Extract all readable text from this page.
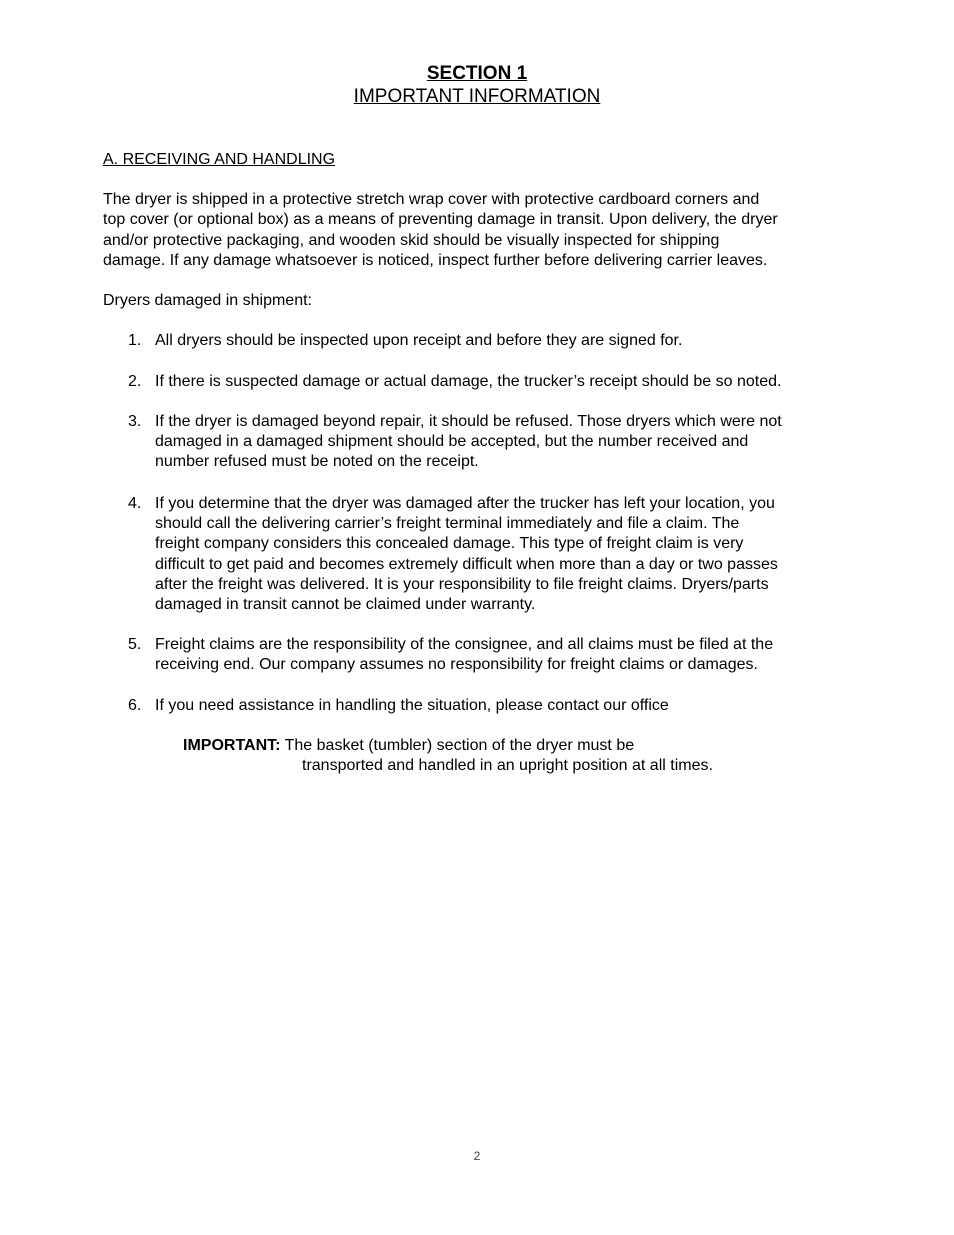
SECTION 1
IMPORTANT INFORMATION
A. RECEIVING AND HANDLING
The dryer is shipped in a protective stretch wrap cover with protective cardboard corners and
top cover (or optional box) as a means of preventing damage in transit. Upon delivery, the dryer
and/or protective packaging, and wooden skid should be visually inspected for shipping
damage. If any damage whatsoever is noticed, inspect further before delivering carrier leaves.
Dryers damaged in shipment:
1. All dryers should be inspected upon receipt and before they are signed for.
2. If there is suspected damage or actual damage, the trucker’s receipt should be so noted.
3. If the dryer is damaged beyond repair, it should be refused. Those dryers which were not
damaged in a damaged shipment should be accepted, but the number received and
number refused must be noted on the receipt.
4. If you determine that the dryer was damaged after the trucker has left your location, you
should call the delivering carrier’s freight terminal immediately and file a claim. The
freight company considers this concealed damage. This type of freight claim is very
difficult to get paid and becomes extremely difficult when more than a day or two passes
after the freight was delivered. It is your responsibility to file freight claims. Dryers/parts
damaged in transit cannot be claimed under warranty.
5. Freight claims are the responsibility of the consignee, and all claims must be filed at the
receiving end. Our company assumes no responsibility for freight claims or damages.
6. If you need assistance in handling the situation, please contact our office
IMPORTANT: The basket (tumbler) section of the dryer must be
transported and handled in an upright position at all times.
2
